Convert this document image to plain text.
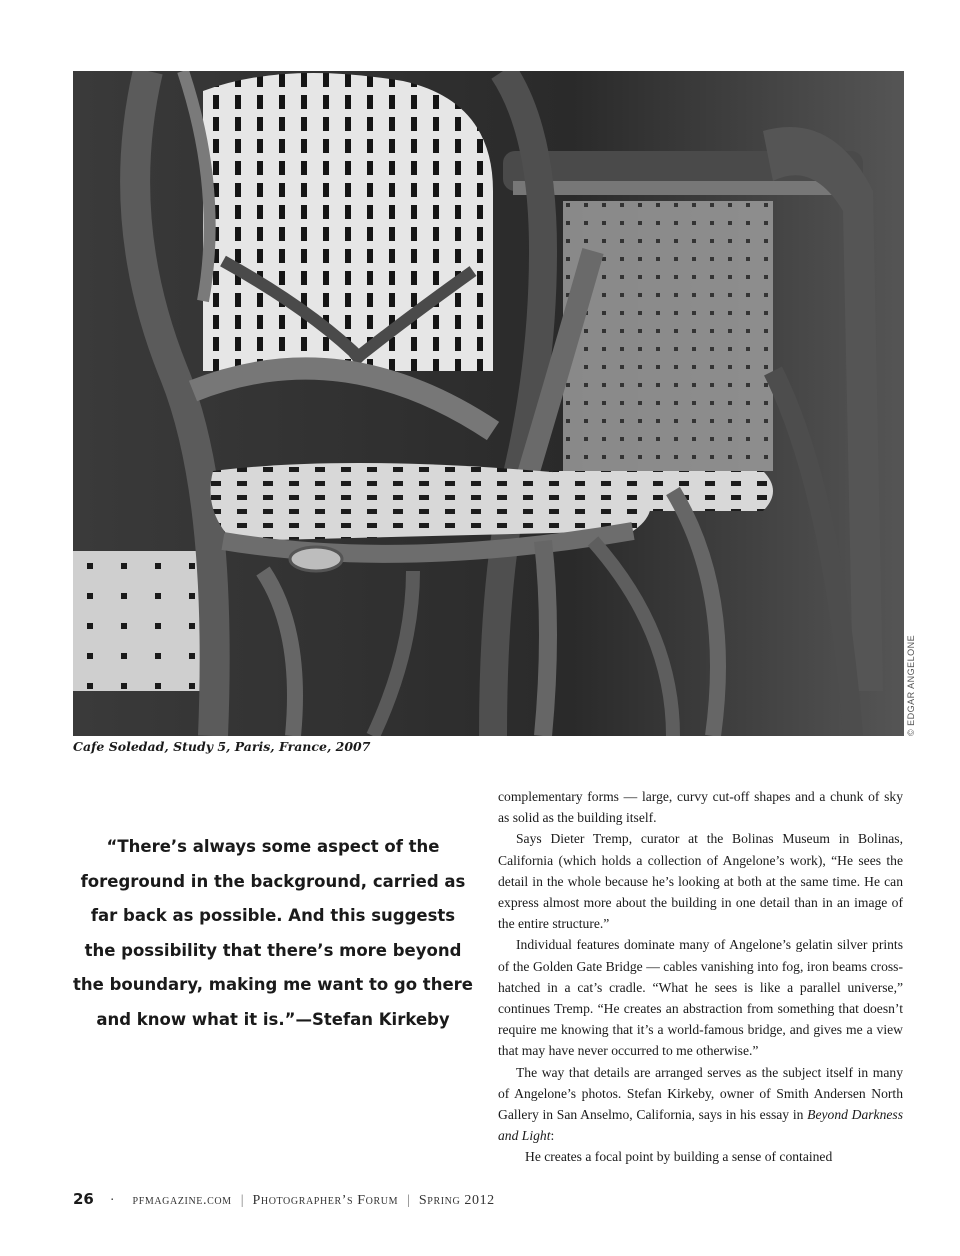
© EDGAR ANGELONE
Cafe Soledad, Study 5, Paris, France, 2007
“There’s always some aspect of the foreground in the background, carried as far back as possible. And this suggests the possibility that there’s more beyond the boundary, making me want to go there and know what it is.”—Stefan Kirkeby

complementary forms — large, curvy cut-off shapes and a chunk of sky as solid as the building itself.

Says Dieter Tremp, curator at the Bolinas Museum in Bolinas, California (which holds a collection of Angelone’s work), “He sees the detail in the whole because he’s looking at both at the same time. He can express almost more about the building in one detail than in an image of the entire structure.”

Individual features dominate many of Angelone’s gelatin silver prints of the Golden Gate Bridge — cables vanishing into fog, iron beams cross-hatched in a cat’s cradle. “What he sees is like a parallel universe,” continues Tremp. “He creates an abstraction from something that doesn’t require me knowing that it’s a world-famous bridge, and gives me a view that may have never occurred to me otherwise.”

The way that details are arranged serves as the subject itself in many of Angelone’s photos. Stefan Kirkeby, owner of Smith Andersen North Gallery in San Anselmo, California, says in his essay in Beyond Darkness and Light:

He creates a focal point by building a sense of contained

26 · pfmagazine.com | Photographer’s Forum | Spring 2012
